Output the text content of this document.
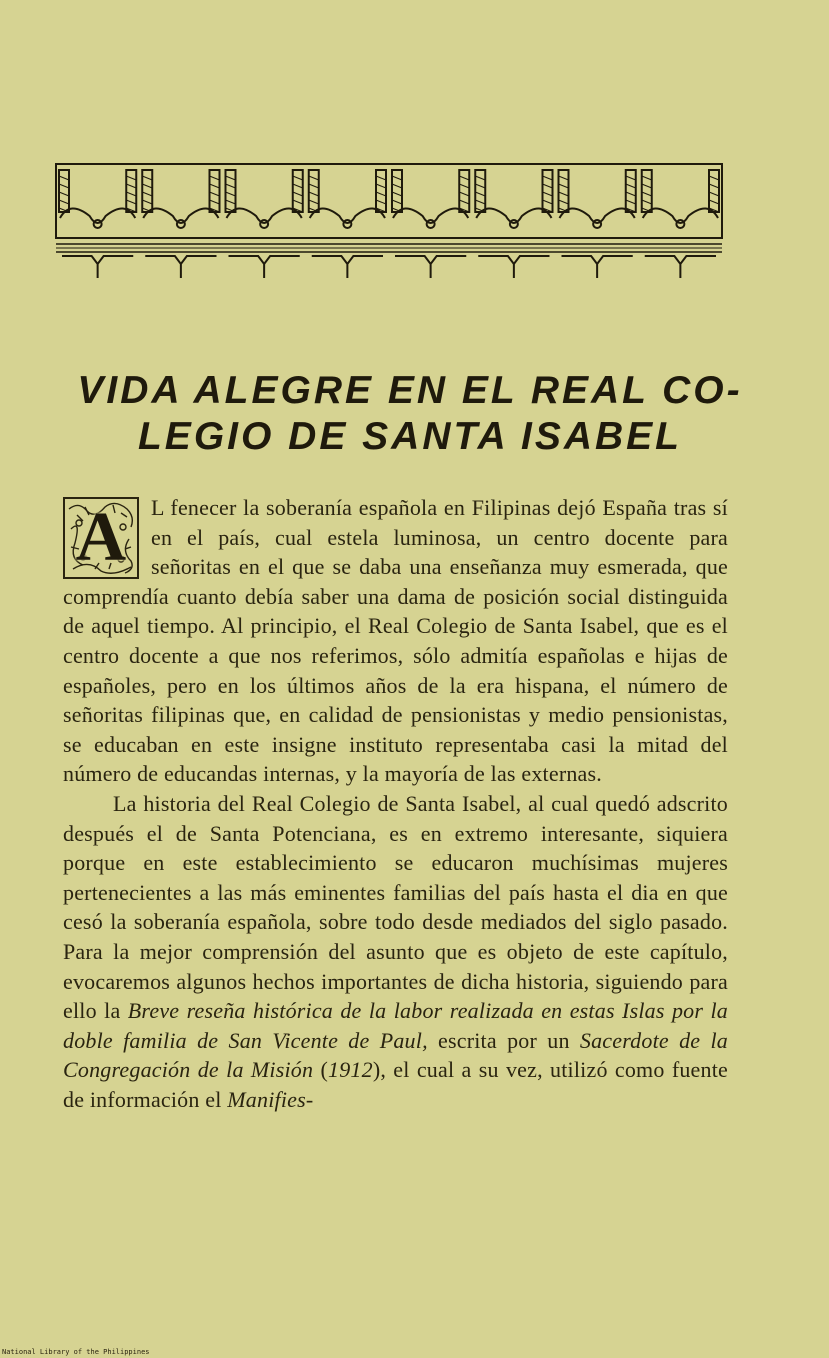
VIDA ALEGRE EN EL REAL CO-
LEGIO DE SANTA ISABEL
A	L fenecer la soberanía española en Filipinas dejó España tras sí en el país, cual estela luminosa, un centro docente para señoritas en el que se daba una enseñanza muy esmerada, que comprendía cuanto debía saber una dama de posición social distinguida de aquel tiempo. Al principio, el Real Colegio de Santa Isabel, que es el centro docente a que nos referimos, sólo admitía españolas e hijas de españoles, pero en los últimos años de la era hispana, el número de señoritas filipinas que, en calidad de pensionistas y medio pensionistas, se educaban en este insigne instituto representaba casi la mitad del número de educandas internas, y la mayoría de las externas.

La historia del Real Colegio de Santa Isabel, al cual quedó adscrito después el de Santa Potenciana, es en extremo interesante, siquiera porque en este establecimiento se educaron muchísimas mujeres pertenecientes a las más eminentes familias del país hasta el dia en que cesó la soberanía española, sobre todo desde mediados del siglo pasado. Para la mejor comprensión del asunto que es objeto de este capítulo, evocaremos algunos hechos importantes de dicha historia, siguiendo para ello la Breve reseña histórica de la labor realizada en estas Islas por la doble familia de San Vicente de Paul, escrita por un Sacerdote de la Congregación de la Misión (1912), el cual a su vez, utilizó como fuente de información el Manifies-

National Library of the Philippines
